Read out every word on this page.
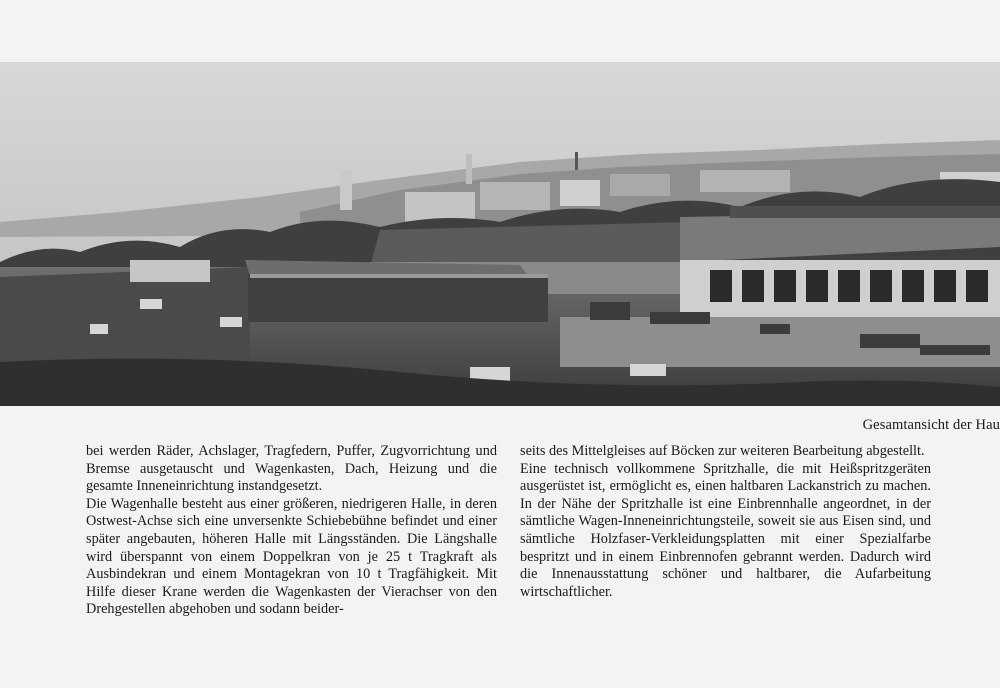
Gesamtansicht der Hau

bei werden Räder, Achslager, Tragfedern, Puffer, Zugvorrichtung und Bremse ausgetauscht und Wagenkasten, Dach, Heizung und die gesamte Inneneinrichtung instandgesetzt.

Die Wagenhalle besteht aus einer größeren, niedrigeren Halle, in deren Ostwest-Achse sich eine unversenkte Schiebebühne befindet und einer später angebauten, höheren Halle mit Längsständen. Die Längshalle wird überspannt von einem Doppelkran von je 25 t Tragkraft als Ausbindekran und einem Montagekran von 10 t Tragfähigkeit. Mit Hilfe dieser Krane werden die Wagenkasten der Vierachser von den Drehgestellen abgehoben und sodann beider-

seits des Mittelgleises auf Böcken zur weiteren Bearbeitung abgestellt.

Eine technisch vollkommene Spritzhalle, die mit Heißspritzgeräten ausgerüstet ist, ermöglicht es, einen haltbaren Lackanstrich zu machen. In der Nähe der Spritzhalle ist eine Einbrennhalle angeordnet, in der sämtliche Wagen-Inneneinrichtungsteile, soweit sie aus Eisen sind, und sämtliche Holzfaser-Verkleidungsplatten mit einer Spezialfarbe bespritzt und in einem Einbrennofen gebrannt werden. Dadurch wird die Innenausstattung schöner und haltbarer, die Aufarbeitung wirtschaftlicher.
